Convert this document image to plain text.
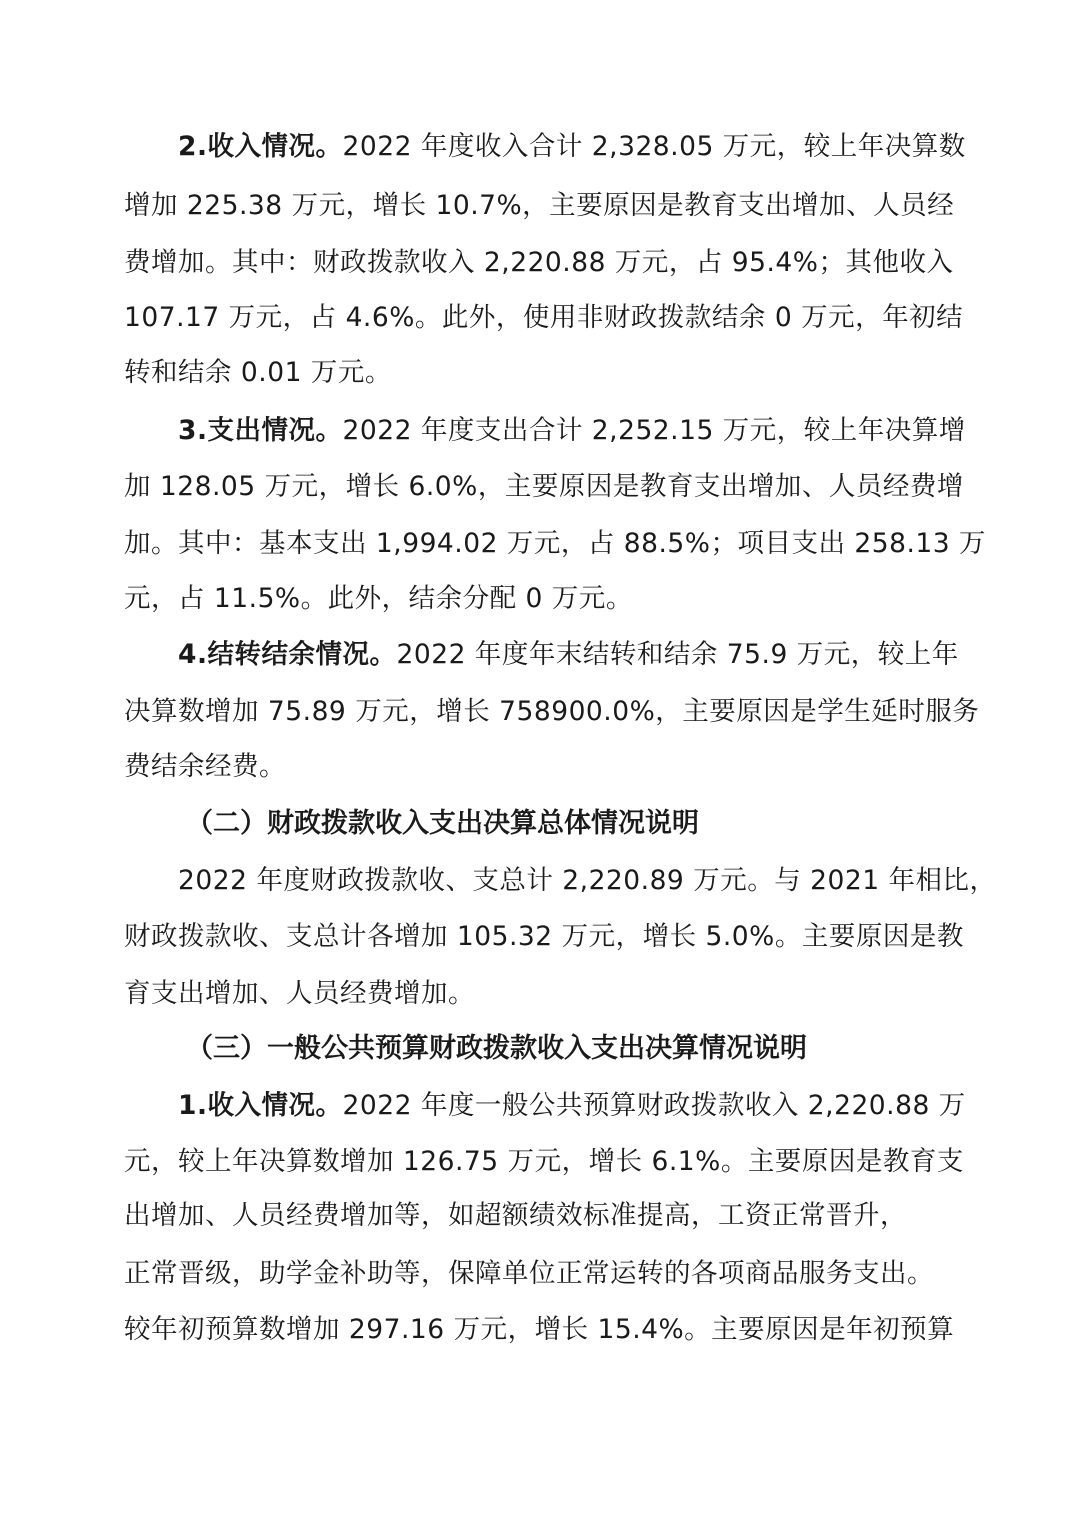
2.收入情况。2022 年度收入合计 2,328.05 万元，较上年决算数
增加 225.38 万元，增长 10.7%，主要原因是教育支出增加、人员经
费增加。其中：财政拨款收入 2,220.88 万元，占 95.4%；其他收入
107.17 万元，占 4.6%。此外，使用非财政拨款结余 0 万元，年初结
转和结余 0.01 万元。
3.支出情况。2022 年度支出合计 2,252.15 万元，较上年决算增
加 128.05 万元，增长 6.0%，主要原因是教育支出增加、人员经费增
加。其中：基本支出 1,994.02 万元，占 88.5%；项目支出 258.13 万
元，占 11.5%。此外，结余分配 0 万元。
4.结转结余情况。2022 年度年末结转和结余 75.9 万元，较上年
决算数增加 75.89 万元，增长 758900.0%，主要原因是学生延时服务
费结余经费。
（二）财政拨款收入支出决算总体情况说明
2022 年度财政拨款收、支总计 2,220.89 万元。与 2021 年相比，
财政拨款收、支总计各增加 105.32 万元，增长 5.0%。主要原因是教
育支出增加、人员经费增加。
（三）一般公共预算财政拨款收入支出决算情况说明
1.收入情况。2022 年度一般公共预算财政拨款收入 2,220.88 万
元，较上年决算数增加 126.75 万元，增长 6.1%。主要原因是教育支
出增加、人员经费增加等，如超额绩效标准提高，工资正常晋升，
正常晋级，助学金补助等，保障单位正常运转的各项商品服务支出。
较年初预算数增加 297.16 万元，增长 15.4%。主要原因是年初预算
